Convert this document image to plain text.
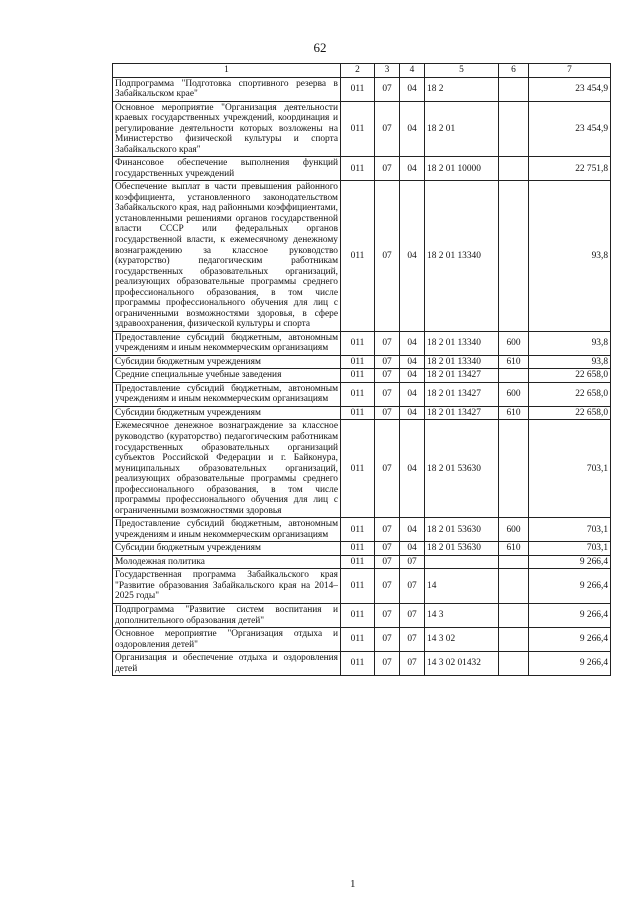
62
1	2	3	4	5	6	7
Подпрограмма "Подготовка спортивного резерва в Забайкальском крае"	011	07	04	18 2		23 454,9
Основное мероприятие "Организация деятельности краевых государственных учреждений, координация и регулирование деятельности которых возложены на Министерство физической культуры и спорта Забайкальского края"	011	07	04	18 2 01		23 454,9
Финансовое обеспечение выполнения функций государственных учреждений	011	07	04	18 2 01 10000		22 751,8
Обеспечение выплат в части превышения районного коэффициента, установленного законодательством Забайкальского края, над районными коэффициентами, установленными решениями органов государственной власти СССР или федеральных органов государственной власти, к ежемесячному денежному вознаграждению за классное руководство (кураторство) педагогическим работникам государственных образовательных организаций, реализующих образовательные программы среднего профессионального образования, в том числе программы профессионального обучения для лиц с ограниченными возможностями здоровья, в сфере здравоохранения, физической культуры и спорта	011	07	04	18 2 01 13340		93,8
Предоставление субсидий бюджетным, автономным учреждениям и иным некоммерческим организациям	011	07	04	18 2 01 13340	600	93,8
Субсидии бюджетным учреждениям	011	07	04	18 2 01 13340	610	93,8
Средние специальные учебные заведения	011	07	04	18 2 01 13427		22 658,0
Предоставление субсидий бюджетным, автономным учреждениям и иным некоммерческим организациям	011	07	04	18 2 01 13427	600	22 658,0
Субсидии бюджетным учреждениям	011	07	04	18 2 01 13427	610	22 658,0
Ежемесячное денежное вознаграждение за классное руководство (кураторство) педагогическим работникам государственных образовательных организаций субъектов Российской Федерации и г. Байконура, муниципальных образовательных организаций, реализующих образовательные программы среднего профессионального образования, в том числе программы профессионального обучения для лиц с ограниченными возможностями здоровья	011	07	04	18 2 01 53630		703,1
Предоставление субсидий бюджетным, автономным учреждениям и иным некоммерческим организациям	011	07	04	18 2 01 53630	600	703,1
Субсидии бюджетным учреждениям	011	07	04	18 2 01 53630	610	703,1
Молодежная политика	011	07	07			9 266,4
Государственная программа Забайкальского края "Развитие образования Забайкальского края на 2014–2025 годы"	011	07	07	14		9 266,4
Подпрограмма "Развитие систем воспитания и дополнительного образования детей"	011	07	07	14 3		9 266,4
Основное мероприятие "Организация отдыха и оздоровления детей"	011	07	07	14 3 02		9 266,4
Организация и обеспечение отдыха и оздоровления детей	011	07	07	14 3 02 01432		9 266,4
1
